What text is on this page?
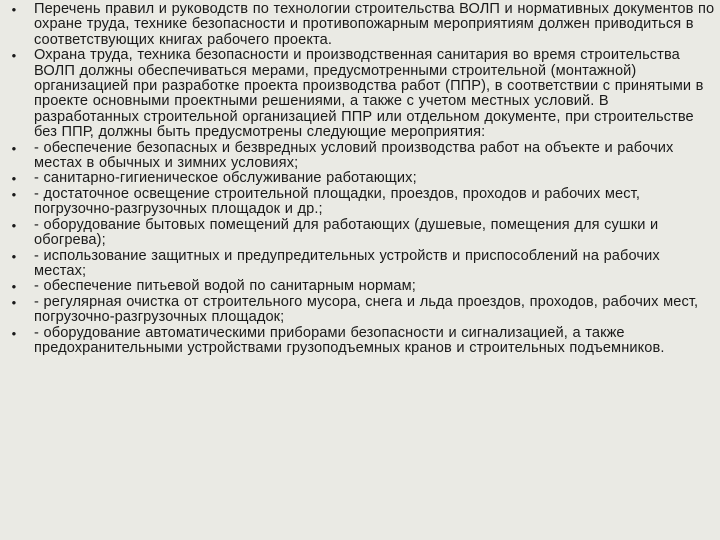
•
Перечень правил и руководств по технологии строительства ВОЛП и нормативных документов по охране труда, технике безопасности и противопожарным мероприятиям должен приводиться в соответствующих книгах рабочего проекта.
•
Охрана труда, техника безопасности и производственная санитария во время строительства ВОЛП должны обеспечиваться мерами, предусмотренными строительной (монтажной) организацией при разработке проекта производства работ (ППР), в соответствии с принятыми в проекте основными проектными решениями, а также с учетом местных условий. В разработанных строительной организацией ППР или отдельном документе, при строительстве без ППР, должны быть предусмотрены следующие мероприятия:
•
- обеспечение безопасных и безвредных условий производства работ на объекте и рабочих местах в обычных и зимних условиях;
•
- санитарно-гигиеническое обслуживание работающих;
•
- достаточное освещение строительной площадки, проездов, проходов и рабочих мест, погрузочно-разгрузочных площадок и др.;
•
- оборудование бытовых помещений для работающих (душевые, помещения для сушки и обогрева);
•
- использование защитных и предупредительных устройств и приспособлений на рабочих местах;
•
- обеспечение питьевой водой по санитарным нормам;
•
- регулярная очистка от строительного мусора, снега и льда проездов, проходов, рабочих мест, погрузочно-разгрузочных площадок;
•
- оборудование автоматическими приборами безопасности и сигнализацией, а также предохранительными устройствами грузоподъемных кранов и строительных подъемников.
